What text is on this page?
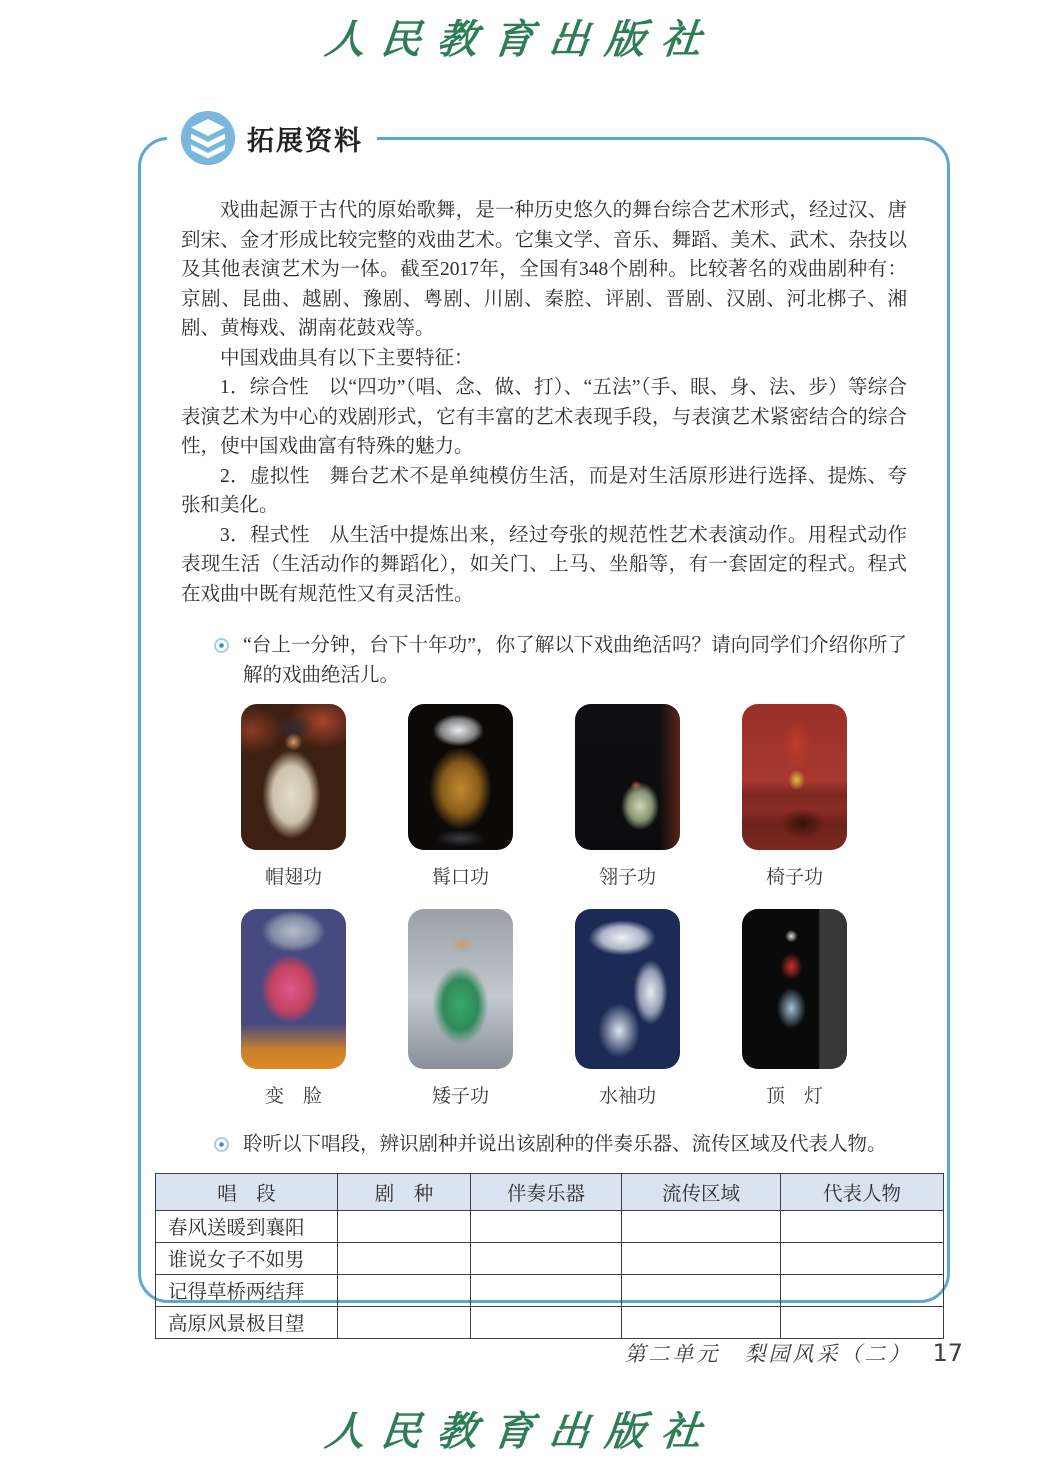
人民教育出版社
拓展资料

戏曲起源于古代的原始歌舞，是一种历史悠久的舞台综合艺术形式，经过汉、唐到宋、金才形成比较完整的戏曲艺术。它集文学、音乐、舞蹈、美术、武术、杂技以及其他表演艺术为一体。截至2017年，全国有348个剧种。比较著名的戏曲剧种有：京剧、昆曲、越剧、豫剧、粤剧、川剧、秦腔、评剧、晋剧、汉剧、河北梆子、湘剧、黄梅戏、湖南花鼓戏等。

中国戏曲具有以下主要特征：

1．综合性　以“四功”（唱、念、做、打）、“五法”（手、眼、身、法、步）等综合表演艺术为中心的戏剧形式，它有丰富的艺术表现手段，与表演艺术紧密结合的综合性，使中国戏曲富有特殊的魅力。

2．虚拟性　舞台艺术不是单纯模仿生活，而是对生活原形进行选择、提炼、夸张和美化。

3．程式性　从生活中提炼出来，经过夸张的规范性艺术表演动作。用程式动作表现生活（生活动作的舞蹈化），如关门、上马、坐船等，有一套固定的程式。程式在戏曲中既有规范性又有灵活性。

“台上一分钟，台下十年功”，你了解以下戏曲绝活吗？请向同学们介绍你所了解的戏曲绝活儿。
帽翅功	髯口功	翎子功	椅子功
变　脸	矮子功	水袖功	顶　灯
聆听以下唱段，辨识剧种并说出该剧种的伴奏乐器、流传区域及代表人物。
唱　段	剧　种	伴奏乐器	流传区域	代表人物
春风送暖到襄阳				
谁说女子不如男				
记得草桥两结拜				
高原风景极目望				
第二单元　梨园风采（二） 17
人民教育出版社
